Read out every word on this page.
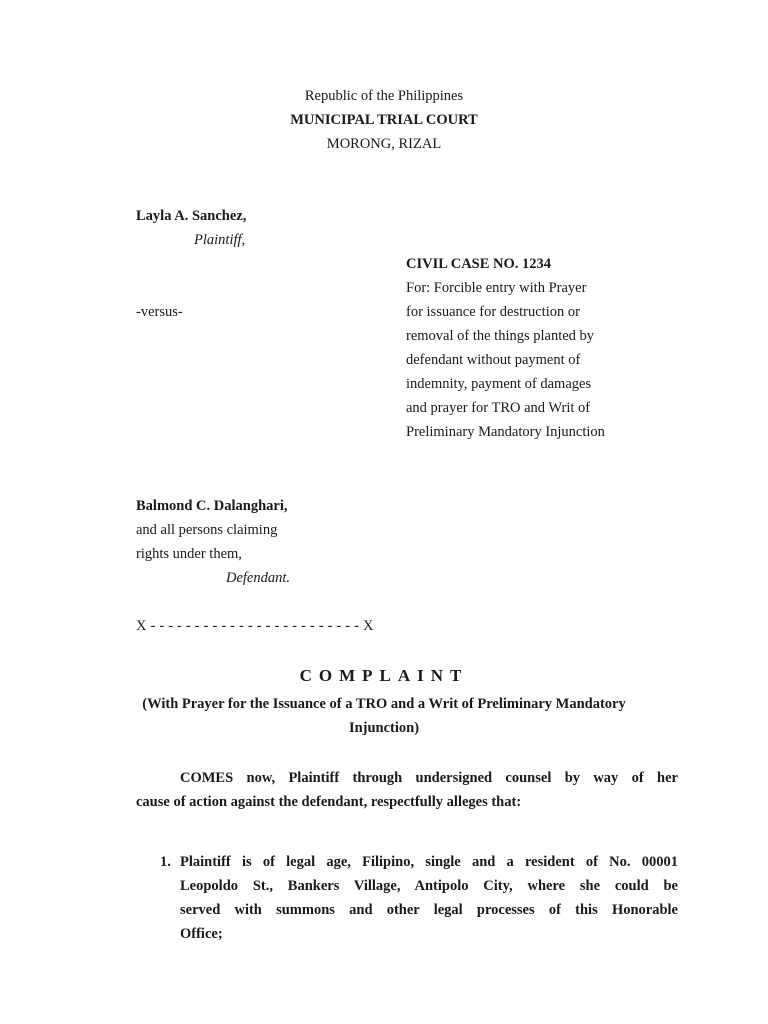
Republic of the Philippines
MUNICIPAL TRIAL COURT
MORONG, RIZAL
Layla A. Sanchez,
Plaintiff,
-versus-
CIVIL CASE NO. 1234
For: Forcible entry with Prayer
for issuance for destruction or
removal of the things planted by
defendant without payment of
indemnity, payment of damages
and prayer for TRO and Writ of
Preliminary Mandatory Injunction
Balmond C. Dalanghari,
and all persons claiming
rights under them,
Defendant.
X - - - - - - - - - - - - - - - - - - - - - - - - X
COMPLAINT
(With Prayer for the Issuance of a TRO and a Writ of Preliminary Mandatory
Injunction)
COMES now, Plaintiff through undersigned counsel by way of her
cause of action against the defendant, respectfully alleges that:
1. Plaintiff is of legal age, Filipino, single and a resident of No. 00001
Leopoldo St., Bankers Village, Antipolo City, where she could be
served with summons and other legal processes of this Honorable
Office;
